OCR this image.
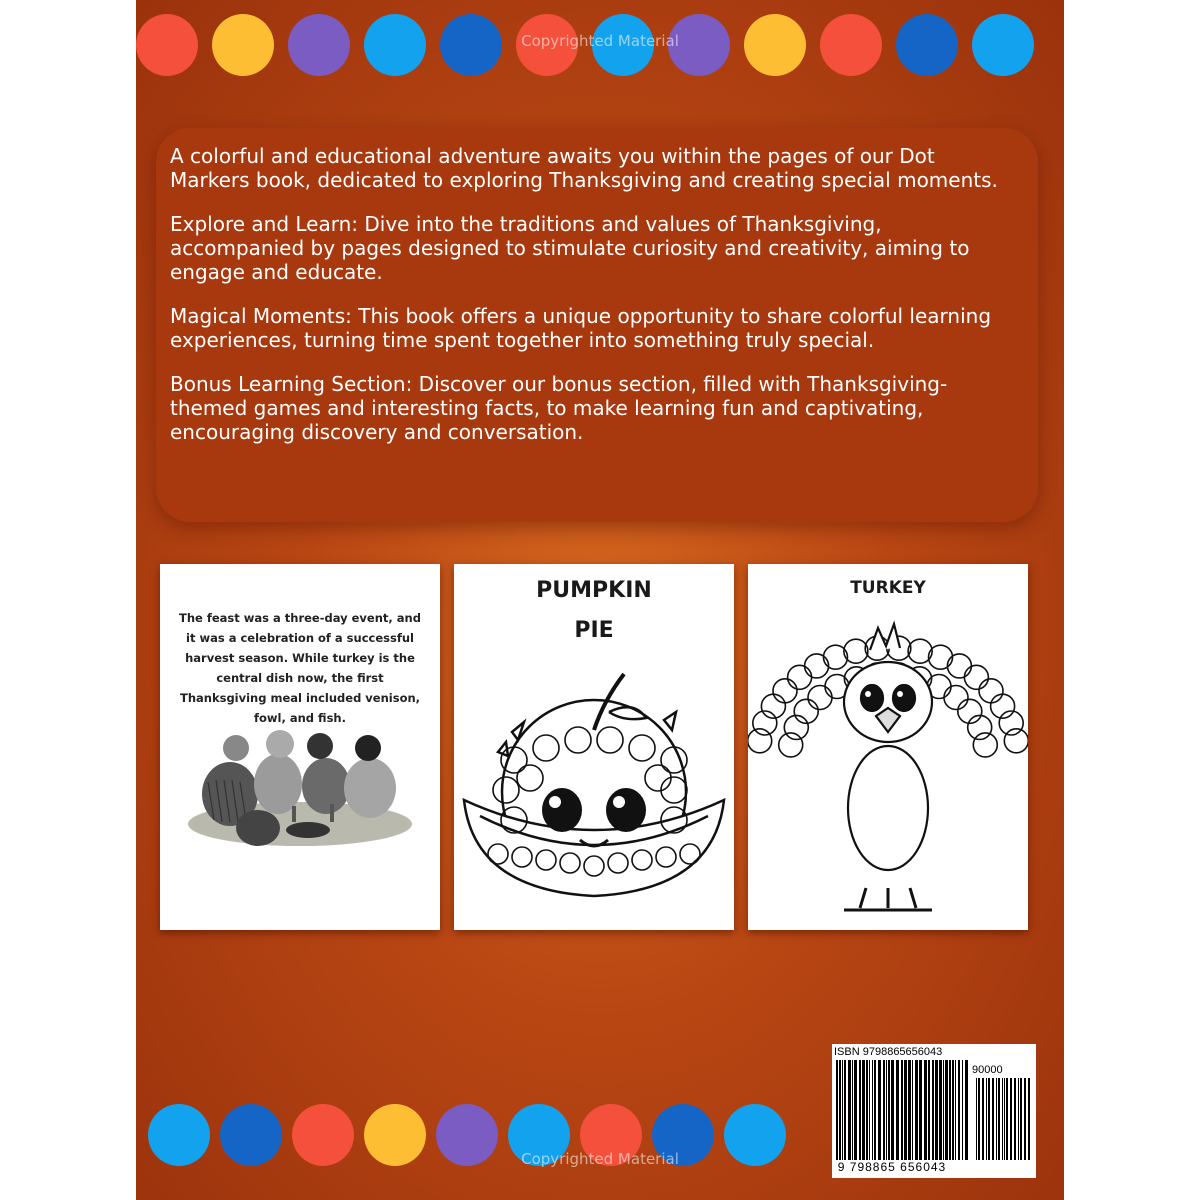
Copyrighted Material

A colorful and educational adventure awaits you within the pages of our Dot Markers book, dedicated to exploring Thanksgiving and creating special moments.

Explore and Learn: Dive into the traditions and values of Thanksgiving, accompanied by pages designed to stimulate curiosity and creativity, aiming to engage and educate.

Magical Moments: This book offers a unique opportunity to share colorful learning experiences, turning time spent together into something truly special.

Bonus Learning Section: Discover our bonus section, filled with Thanksgiving-themed games and interesting facts, to make learning fun and captivating, encouraging discovery and conversation.

The feast was a three-day event, and it was a celebration of a successful harvest season. While turkey is the central dish now, the first Thanksgiving meal included venison, fowl, and fish.
PUMPKIN
PIE
TURKEY
Copyrighted Material
ISBN 9798865656043
90000
9 798865 656043
